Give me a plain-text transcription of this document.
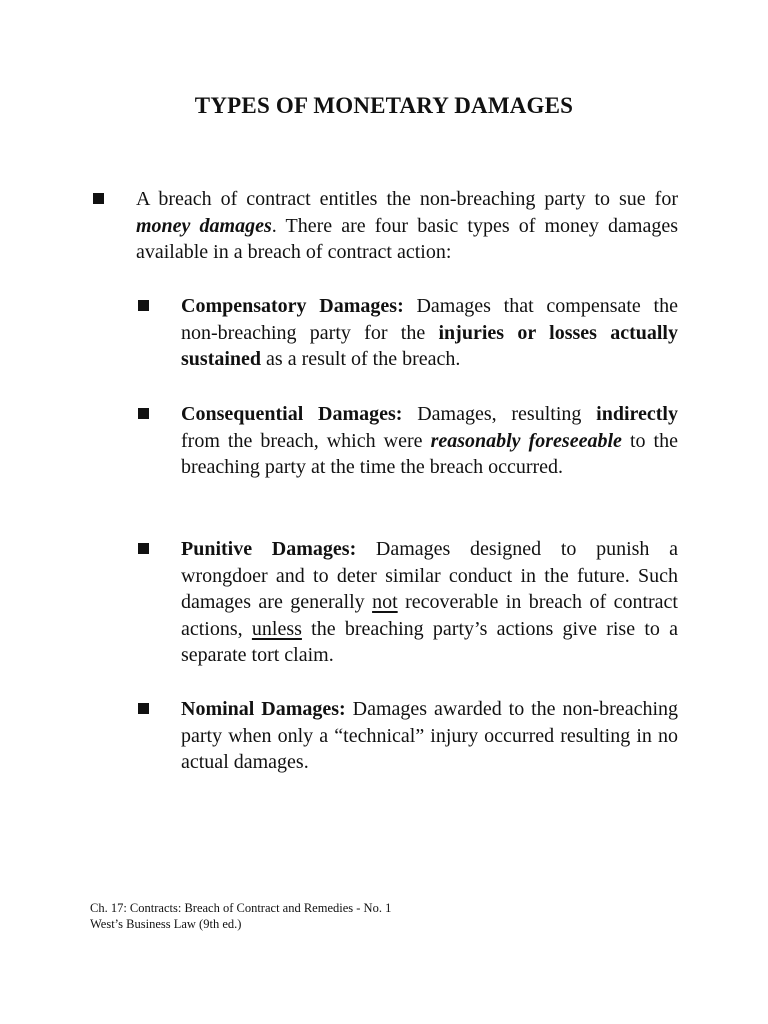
TYPES OF MONETARY DAMAGES

A breach of contract entitles the non-breaching party to sue for money damages. There are four basic types of money damages available in a breach of contract action:

Compensatory Damages: Damages that compensate the non-breaching party for the injuries or losses actually sustained as a result of the breach.

Consequential Damages: Damages, resulting indirectly from the breach, which were reasonably foreseeable to the breaching party at the time the breach occurred.

Punitive Damages: Damages designed to punish a wrongdoer and to deter similar conduct in the future. Such damages are generally not recoverable in breach of contract actions, unless the breaching party’s actions give rise to a separate tort claim.

Nominal Damages: Damages awarded to the non-breaching party when only a “technical” injury occurred resulting in no actual damages.

Ch. 17: Contracts: Breach of Contract and Remedies - No. 1
West’s Business Law (9th ed.)
